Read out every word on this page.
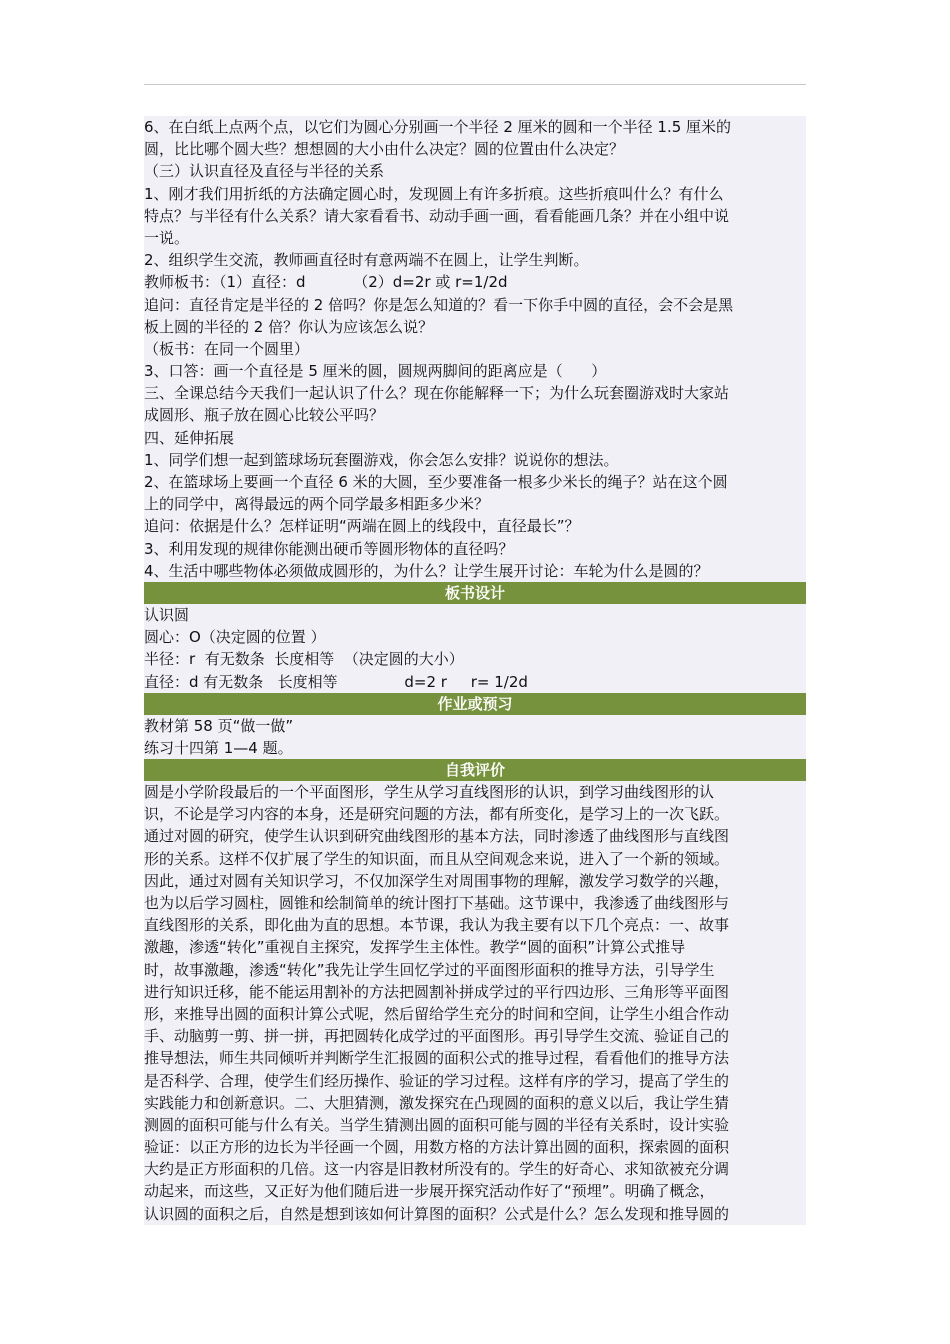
6、在白纸上点两个点，以它们为圆心分别画一个半径 2 厘米的圆和一个半径 1.5 厘米的
圆，比比哪个圆大些？想想圆的大小由什么决定？圆的位置由什么决定？
（三）认识直径及直径与半径的关系
1、刚才我们用折纸的方法确定圆心时，发现圆上有许多折痕。这些折痕叫什么？有什么
特点？与半径有什么关系？请大家看看书、动动手画一画，看看能画几条？并在小组中说
一说。
2、组织学生交流，教师画直径时有意两端不在圆上，让学生判断。
教师板书：（1）直径：d          （2）d=2r 或 r=1/2d
追问：直径肯定是半径的 2 倍吗？你是怎么知道的？看一下你手中圆的直径，会不会是黑
板上圆的半径的 2 倍？你认为应该怎么说？
（板书：在同一个圆里）
3、口答：画一个直径是 5 厘米的圆，圆规两脚间的距离应是（      ）
三、全课总结今天我们一起认识了什么？现在你能解释一下；为什么玩套圈游戏时大家站
成圆形、瓶子放在圆心比较公平吗？
四、延伸拓展
1、同学们想一起到篮球场玩套圈游戏，你会怎么安排？说说你的想法。
2、在篮球场上要画一个直径 6 米的大圆，至少要准备一根多少米长的绳子？站在这个圆
上的同学中，离得最远的两个同学最多相距多少米？
追问：依据是什么？怎样证明“两端在圆上的线段中，直径最长”？
3、利用发现的规律你能测出硬币等圆形物体的直径吗？
4、生活中哪些物体必须做成圆形的，为什么？让学生展开讨论：车轮为什么是圆的？
板书设计
认识圆
圆心：O（决定圆的位置 ）
半径：r  有无数条  长度相等  （决定圆的大小）
直径：d 有无数条   长度相等              d=2 r     r= 1/2d
作业或预习
教材第 58 页“做一做”
练习十四第 1—4 题。
自我评价
圆是小学阶段最后的一个平面图形，学生从学习直线图形的认识，到学习曲线图形的认
识，不论是学习内容的本身，还是研究问题的方法，都有所变化，是学习上的一次飞跃。
通过对圆的研究，使学生认识到研究曲线图形的基本方法，同时渗透了曲线图形与直线图
形的关系。这样不仅扩展了学生的知识面，而且从空间观念来说，进入了一个新的领域。
因此，通过对圆有关知识学习，不仅加深学生对周围事物的理解，激发学习数学的兴趣，
也为以后学习圆柱，圆锥和绘制简单的统计图打下基础。这节课中，我渗透了曲线图形与
直线图形的关系，即化曲为直的思想。本节课，我认为我主要有以下几个亮点：一、故事
激趣，渗透“转化”重视自主探究，发挥学生主体性。教学“圆的面积”计算公式推导
时，故事激趣，渗透“转化”我先让学生回忆学过的平面图形面积的推导方法，引导学生
进行知识迁移，能不能运用割补的方法把圆割补拼成学过的平行四边形、三角形等平面图
形，来推导出圆的面积计算公式呢，然后留给学生充分的时间和空间，让学生小组合作动
手、动脑剪一剪、拼一拼，再把圆转化成学过的平面图形。再引导学生交流、验证自己的
推导想法，师生共同倾听并判断学生汇报圆的面积公式的推导过程，看看他们的推导方法
是否科学、合理，使学生们经历操作、验证的学习过程。这样有序的学习，提高了学生的
实践能力和创新意识。二、大胆猜测，激发探究在凸现圆的面积的意义以后，我让学生猜
测圆的面积可能与什么有关。当学生猜测出圆的面积可能与圆的半径有关系时，设计实验
验证：以正方形的边长为半径画一个圆，用数方格的方法计算出圆的面积，探索圆的面积
大约是正方形面积的几倍。这一内容是旧教材所没有的。学生的好奇心、求知欲被充分调
动起来，而这些，又正好为他们随后进一步展开探究活动作好了“预埋”。明确了概念，
认识圆的面积之后，自然是想到该如何计算图的面积？公式是什么？怎么发现和推导圆的
